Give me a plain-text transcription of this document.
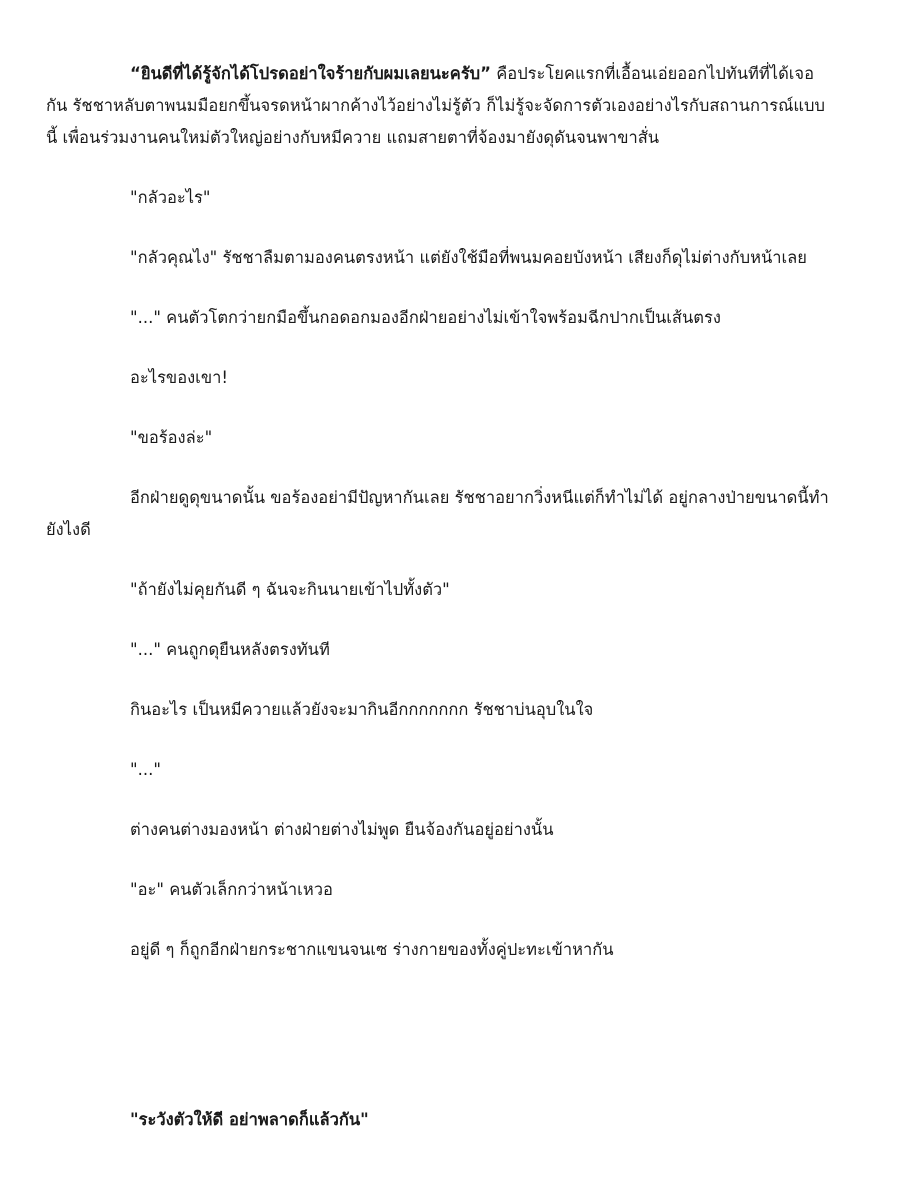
“ยินดีที่ได้รู้จักได้โปรดอย่าใจร้ายกับผมเลยนะครับ” คือประโยคแรกที่เอื้อนเอ่ยออกไปทันทีที่ได้เจอ

กัน รัชชาหลับตาพนมมือยกขึ้นจรดหน้าผากค้างไว้อย่างไม่รู้ตัว ก็ไม่รู้จะจัดการตัวเองอย่างไรกับสถานการณ์แบบ

นี้ เพื่อนร่วมงานคนใหม่ตัวใหญ่อย่างกับหมีควาย แถมสายตาที่จ้องมายังดุดันจนพาขาสั่น

"กลัวอะไร"

"กลัวคุณไง" รัชชาลืมตามองคนตรงหน้า แต่ยังใช้มือที่พนมคอยบังหน้า เสียงก็ดุไม่ต่างกับหน้าเลย

"..." คนตัวโตกว่ายกมือขึ้นกอดอกมองอีกฝ่ายอย่างไม่เข้าใจพร้อมฉีกปากเป็นเส้นตรง

อะไรของเขา!

"ขอร้องล่ะ"

อีกฝ่ายดูดุขนาดนั้น ขอร้องอย่ามีปัญหากันเลย รัชชาอยากวิ่งหนีแต่ก็ทำไม่ได้ อยู่กลางป่ายขนาดนี้ทำ

ยังไงดี

"ถ้ายังไม่คุยกันดี ๆ ฉันจะกินนายเข้าไปทั้งตัว"

"..." คนถูกดุยืนหลังตรงทันที

กินอะไร เป็นหมีควายแล้วยังจะมากินอีกกกกกกก รัชชาบ่นอุบในใจ

"..."

ต่างคนต่างมองหน้า ต่างฝ่ายต่างไม่พูด ยืนจ้องกันอยู่อย่างนั้น

"อะ" คนตัวเล็กกว่าหน้าเหวอ

อยู่ดี ๆ ก็ถูกอีกฝ่ายกระชากแขนจนเซ ร่างกายของทั้งคู่ปะทะเข้าหากัน

"ระวังตัวให้ดี อย่าพลาดก็แล้วกัน"
